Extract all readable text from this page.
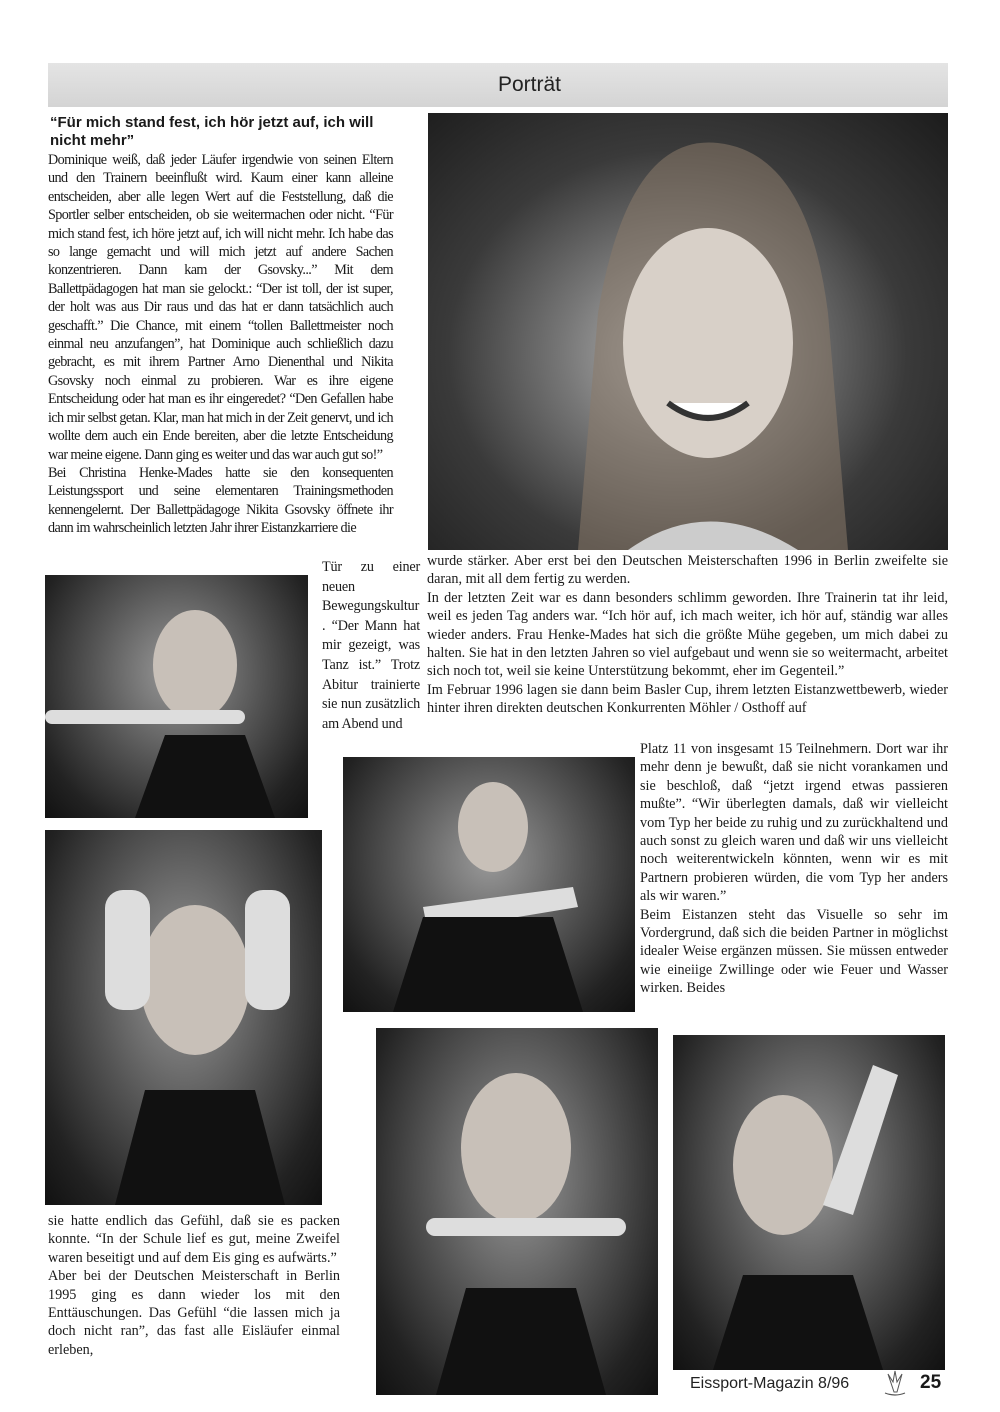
Porträt
“Für mich stand fest, ich hör jetzt auf, ich will nicht mehr”

Dominique weiß, daß jeder Läufer irgendwie von seinen Eltern und den Trainern beeinflußt wird. Kaum einer kann alleine entscheiden, aber alle legen Wert auf die Feststellung, daß die Sportler selber entscheiden, ob sie weitermachen oder nicht. “Für mich stand fest, ich höre jetzt auf, ich will nicht mehr. Ich habe das so lange gemacht und will mich jetzt auf andere Sachen konzentrieren. Dann kam der Gsovsky...” Mit dem Ballettpädagogen hat man sie gelockt.: “Der ist toll, der ist super, der holt was aus Dir raus und das hat er dann tatsächlich auch geschafft.” Die Chance, mit einem “tollen Ballettmeister noch einmal neu anzufangen”, hat Dominique auch schließlich dazu gebracht, es mit ihrem Partner Arno Dienenthal und Nikita Gsovsky noch einmal zu probieren. War es ihre eigene Entscheidung oder hat man es ihr eingeredet? “Den Gefallen habe ich mir selbst getan. Klar, man hat mich in der Zeit genervt, und ich wollte dem auch ein Ende bereiten, aber die letzte Entscheidung war meine eigene. Dann ging es weiter und das war auch gut so!”

Bei Christina Henke-Mades hatte sie den konsequenten Leistungssport und seine elementaren Trainingsmethoden kennengelernt. Der Ballettpädagoge Nikita Gsovsky öffnete ihr dann im wahrscheinlich letzten Jahr ihrer Eistanzkarriere die

Tür zu einer neuen Bewegungskultur. “Der Mann hat mir gezeigt, was Tanz ist.” Trotz Abitur trainierte sie nun zusätzlich am Abend und

wurde stärker. Aber erst bei den Deutschen Meisterschaften 1996 in Berlin zweifelte sie daran, mit all dem fertig zu werden.

In der letzten Zeit war es dann besonders schlimm geworden. Ihre Trainerin tat ihr leid, weil es jeden Tag anders war. “Ich hör auf, ich mach weiter, ich hör auf, ständig war alles wieder anders. Frau Henke-Mades hat sich die größte Mühe gegeben, um mich dabei zu halten. Sie hat in den letzten Jahren so viel aufgebaut und wenn sie so weitermacht, arbeitet sich noch tot, weil sie keine Unterstützung bekommt, eher im Gegenteil.”

Im Februar 1996 lagen sie dann beim Basler Cup, ihrem letzten Eistanzwettbewerb, wieder hinter ihren direkten deutschen Konkurrenten Möhler / Osthoff auf

Platz 11 von insgesamt 15 Teilnehmern. Dort war ihr mehr denn je bewußt, daß sie nicht vorankamen und sie beschloß, daß “jetzt irgend etwas passieren mußte”. “Wir überlegten damals, daß wir vielleicht vom Typ her beide zu ruhig und zu zurückhaltend und auch sonst zu gleich waren und daß wir uns vielleicht noch weiterentwickeln könnten, wenn wir es mit Partnern probieren würden, die vom Typ her anders als wir waren.”

Beim Eistanzen steht das Visuelle so sehr im Vordergrund, daß sich die beiden Partner in möglichst idealer Weise ergänzen müssen. Sie müssen entweder wie eineiige Zwillinge oder wie Feuer und Wasser wirken. Beides

sie hatte endlich das Gefühl, daß sie es packen konnte. “In der Schule lief es gut, meine Zweifel waren beseitigt und auf dem Eis ging es aufwärts.”

Aber bei der Deutschen Meisterschaft in Berlin 1995 ging es dann wieder los mit den Enttäuschungen. Das Gefühl “die lassen mich ja doch nicht ran”, das fast alle Eisläufer einmal erleben,

Eissport-Magazin 8/96	25
